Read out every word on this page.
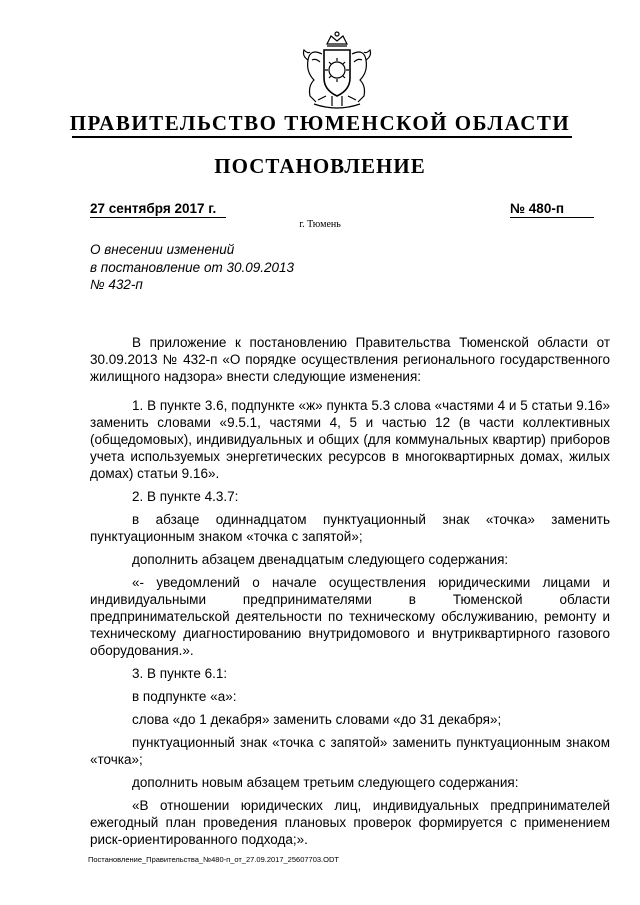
ПРАВИТЕЛЬСТВО ТЮМЕНСКОЙ ОБЛАСТИ
ПОСТАНОВЛЕНИЕ
27 сентября 2017 г.	№ 480-п
г. Тюмень
О внесении изменений
в постановление от 30.09.2013
№ 432-п

В приложение к постановлению Правительства Тюменской области от 30.09.2013 № 432-п «О порядке осуществления регионального государственного жилищного надзора» внести следующие изменения:

1. В пункте 3.6, подпункте «ж» пункта 5.3 слова «частями 4 и 5 статьи 9.16» заменить словами «9.5.1, частями 4, 5 и частью 12 (в части коллективных (общедомовых), индивидуальных и общих (для коммунальных квартир) приборов учета используемых энергетических ресурсов в многоквартирных домах, жилых домах) статьи 9.16».

2. В пункте 4.3.7:

в абзаце одиннадцатом пунктуационный знак «точка» заменить пунктуационным знаком «точка с запятой»;

дополнить абзацем двенадцатым следующего содержания:

«- уведомлений о начале осуществления юридическими лицами и индивидуальными предпринимателями в Тюменской области предпринимательской деятельности по техническому обслуживанию, ремонту и техническому диагностированию внутридомового и внутриквартирного газового оборудования.».

3. В пункте 6.1:

в подпункте «а»:

слова «до 1 декабря» заменить словами «до 31 декабря»;

пунктуационный знак «точка с запятой» заменить пунктуационным знаком «точка»;

дополнить новым абзацем третьим следующего содержания:

«В отношении юридических лиц, индивидуальных предпринимателей ежегодный план проведения плановых проверок формируется с применением риск-ориентированного подхода;».

Постановление_Правительства_№480-п_от_27.09.2017_25607703.ODT
